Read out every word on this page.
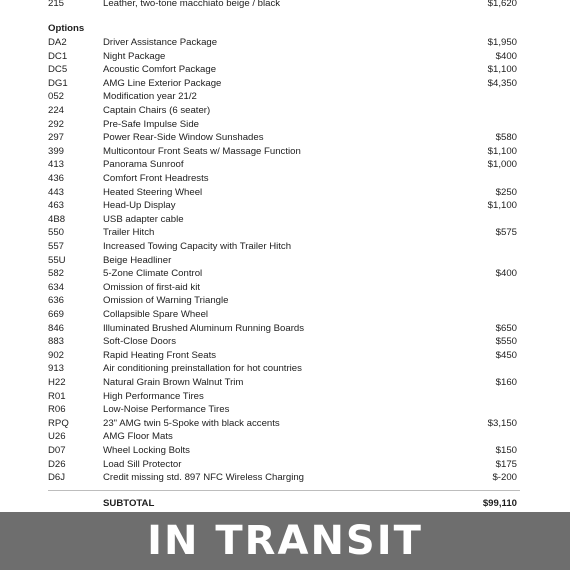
215	Leather, two-tone macchiato beige / black	$1,620
Options
DA2	Driver Assistance Package	$1,950
DC1	Night Package	$400
DC5	Acoustic Comfort Package	$1,100
DG1	AMG Line Exterior Package	$4,350
052	Modification year 21/2
224	Captain Chairs (6 seater)
292	Pre-Safe Impulse Side
297	Power Rear-Side Window Sunshades	$580
399	Multicontour Front Seats w/ Massage Function	$1,100
413	Panorama Sunroof	$1,000
436	Comfort Front Headrests
443	Heated Steering Wheel	$250
463	Head-Up Display	$1,100
4B8	USB adapter cable
550	Trailer Hitch	$575
557	Increased Towing Capacity with Trailer Hitch
55U	Beige Headliner
582	5-Zone Climate Control	$400
634	Omission of first-aid kit
636	Omission of Warning Triangle
669	Collapsible Spare Wheel
846	Illuminated Brushed Aluminum Running Boards	$650
883	Soft-Close Doors	$550
902	Rapid Heating Front Seats	$450
913	Air conditioning preinstallation for hot countries
H22	Natural Grain Brown Walnut Trim	$160
R01	High Performance Tires
R06	Low-Noise Performance Tires
RPQ	23" AMG twin 5-Spoke with black accents	$3,150
U26	AMG Floor Mats
D07	Wheel Locking Bolts	$150
D26	Load Sill Protector	$175
D6J	Credit missing std. 897 NFC Wireless Charging	$-200
SUBTOTAL	$99,110
IN TRANSIT
